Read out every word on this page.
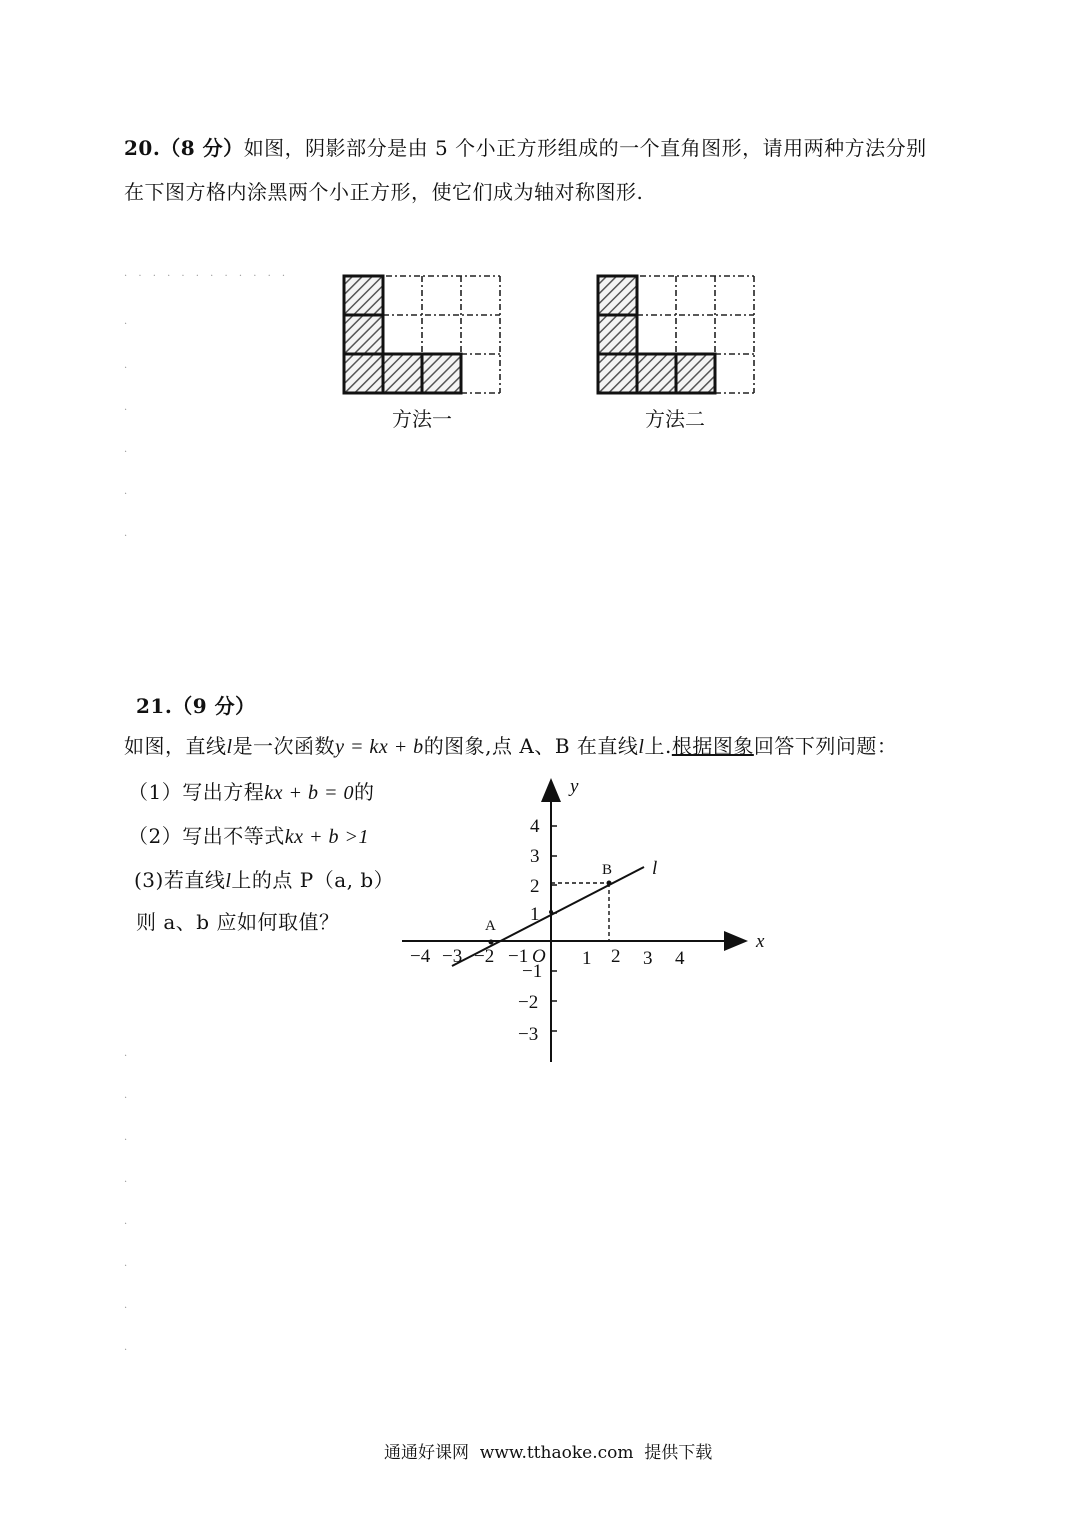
20.（8 分）如图，阴影部分是由 5 个小正方形组成的一个直角图形，请用两种方法分别
在下图方格内涂黑两个小正方形，使它们成为轴对称图形.
. . . . . . . . . . . .
方法一	方法二
.
.
.
.
.
.
21.（9 分）
如图，直线l是一次函数y = kx + b的图象,点 A、B 在直线l上.根据图象回答下列问题：
（1）写出方程kx + b = 0的
（2）写出不等式kx + b >1
(3)若直线l上的点 P（a, b）
则 a、b 应如何取值？
y
x
l
A
B
O
−4 −3 −2 −1	1 2 3 4
4
3
2
1
−1
−2
−3
.
.
.
.
.
.
.
.
通通好课网  www.tthaoke.com  提供下载
